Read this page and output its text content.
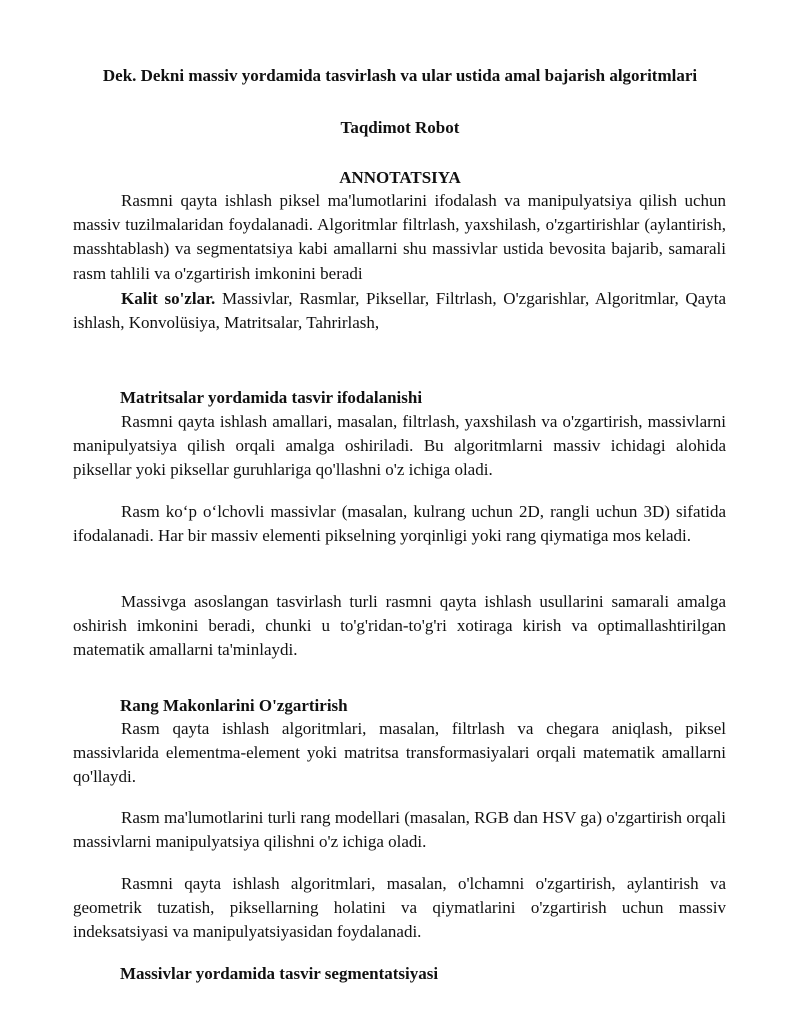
Dek. Dekni massiv yordamida tasvirlash va ular ustida amal bajarish algoritmlari

Taqdimot Robot

ANNOTATSIYA

Rasmni qayta ishlash piksel ma'lumotlarini ifodalash va manipulyatsiya qilish uchun massiv tuzilmalaridan foydalanadi. Algoritmlar filtrlash, yaxshilash, o'zgartirishlar (aylantirish, masshtablash) va segmentatsiya kabi amallarni shu massivlar ustida bevosita bajarib, samarali rasm tahlili va o'zgartirish imkonini beradi

Kalit so'zlar. Massivlar, Rasmlar, Piksellar, Filtrlash, O'zgarishlar, Algoritmlar, Qayta ishlash, Konvolüsiya, Matritsalar, Tahrirlash,

Matritsalar yordamida tasvir ifodalanishi

Rasmni qayta ishlash amallari, masalan, filtrlash, yaxshilash va o'zgartirish, massivlarni manipulyatsiya qilish orqali amalga oshiriladi. Bu algoritmlarni massiv ichidagi alohida piksellar yoki piksellar guruhlariga qo'llashni o'z ichiga oladi.

Rasm ko‘p o‘lchovli massivlar (masalan, kulrang uchun 2D, rangli uchun 3D) sifatida ifodalanadi. Har bir massiv elementi pikselning yorqinligi yoki rang qiymatiga mos keladi.

Massivga asoslangan tasvirlash turli rasmni qayta ishlash usullarini samarali amalga oshirish imkonini beradi, chunki u to'g'ridan-to'g'ri xotiraga kirish va optimallashtirilgan matematik amallarni ta'minlaydi.

Rang Makonlarini O'zgartirish

Rasm qayta ishlash algoritmlari, masalan, filtrlash va chegara aniqlash, piksel massivlarida elementma-element yoki matritsa transformasiyalari orqali matematik amallarni qo'llaydi.

Rasm ma'lumotlarini turli rang modellari (masalan, RGB dan HSV ga) o'zgartirish orqali massivlarni manipulyatsiya qilishni o'z ichiga oladi.

Rasmni qayta ishlash algoritmlari, masalan, o'lchamni o'zgartirish, aylantirish va geometrik tuzatish, piksellarning holatini va qiymatlarini o'zgartirish uchun massiv indeksatsiyasi va manipulyatsiyasidan foydalanadi.

Massivlar yordamida tasvir segmentatsiyasi
